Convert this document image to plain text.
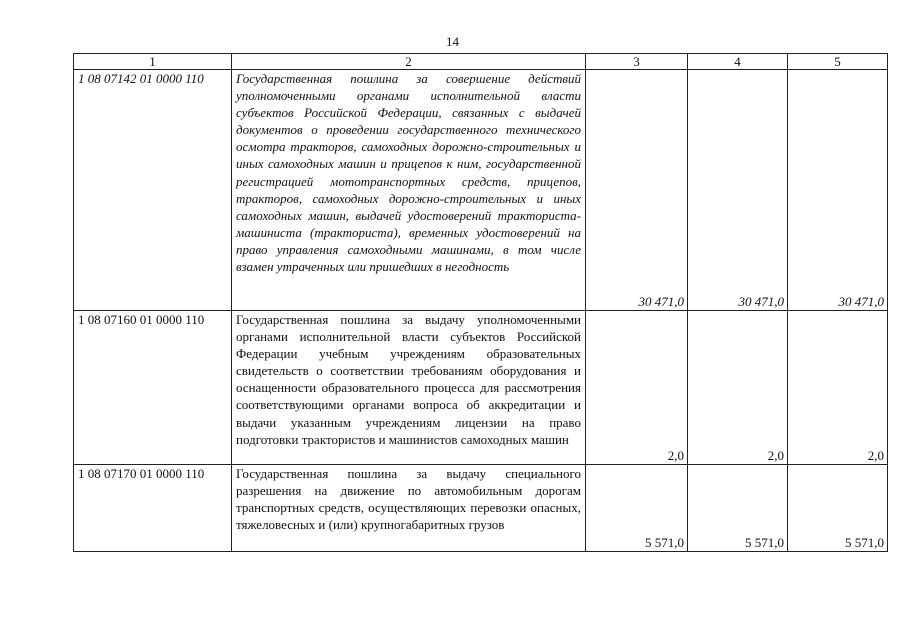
14
1	2	3	4	5
1 08 07142 01 0000 110	Государственная пошлина за совершение действий уполномоченными органами исполнительной власти субъектов Российской Федерации, связанных с выдачей документов о проведении государственного технического осмотра тракторов, самоходных дорожно-строительных и иных самоходных машин и прицепов к ним, государственной регистрацией мототранспортных средств, прицепов, тракторов, самоходных дорожно-строительных и иных самоходных машин, выдачей удостоверений тракториста-машиниста (тракториста), временных удостоверений на право управления самоходными машинами, в том числе взамен утраченных или пришедших в негодность	30 471,0	30 471,0	30 471,0
1 08 07160 01 0000 110	Государственная пошлина за выдачу уполномоченными органами исполнительной власти субъектов Российской Федерации учебным учреждениям образовательных свидетельств о соответствии требованиям оборудования и оснащенности образовательного процесса для рассмотрения соответствующими органами вопроса об аккредитации и выдачи указанным учреждениям лицензии на право подготовки трактористов и машинистов самоходных машин	2,0	2,0	2,0
1 08 07170 01 0000 110	Государственная пошлина за выдачу специального разрешения на движение по автомобильным дорогам транспортных средств, осуществляющих перевозки опасных, тяжеловесных и (или) крупногабаритных грузов	5 571,0	5 571,0	5 571,0
